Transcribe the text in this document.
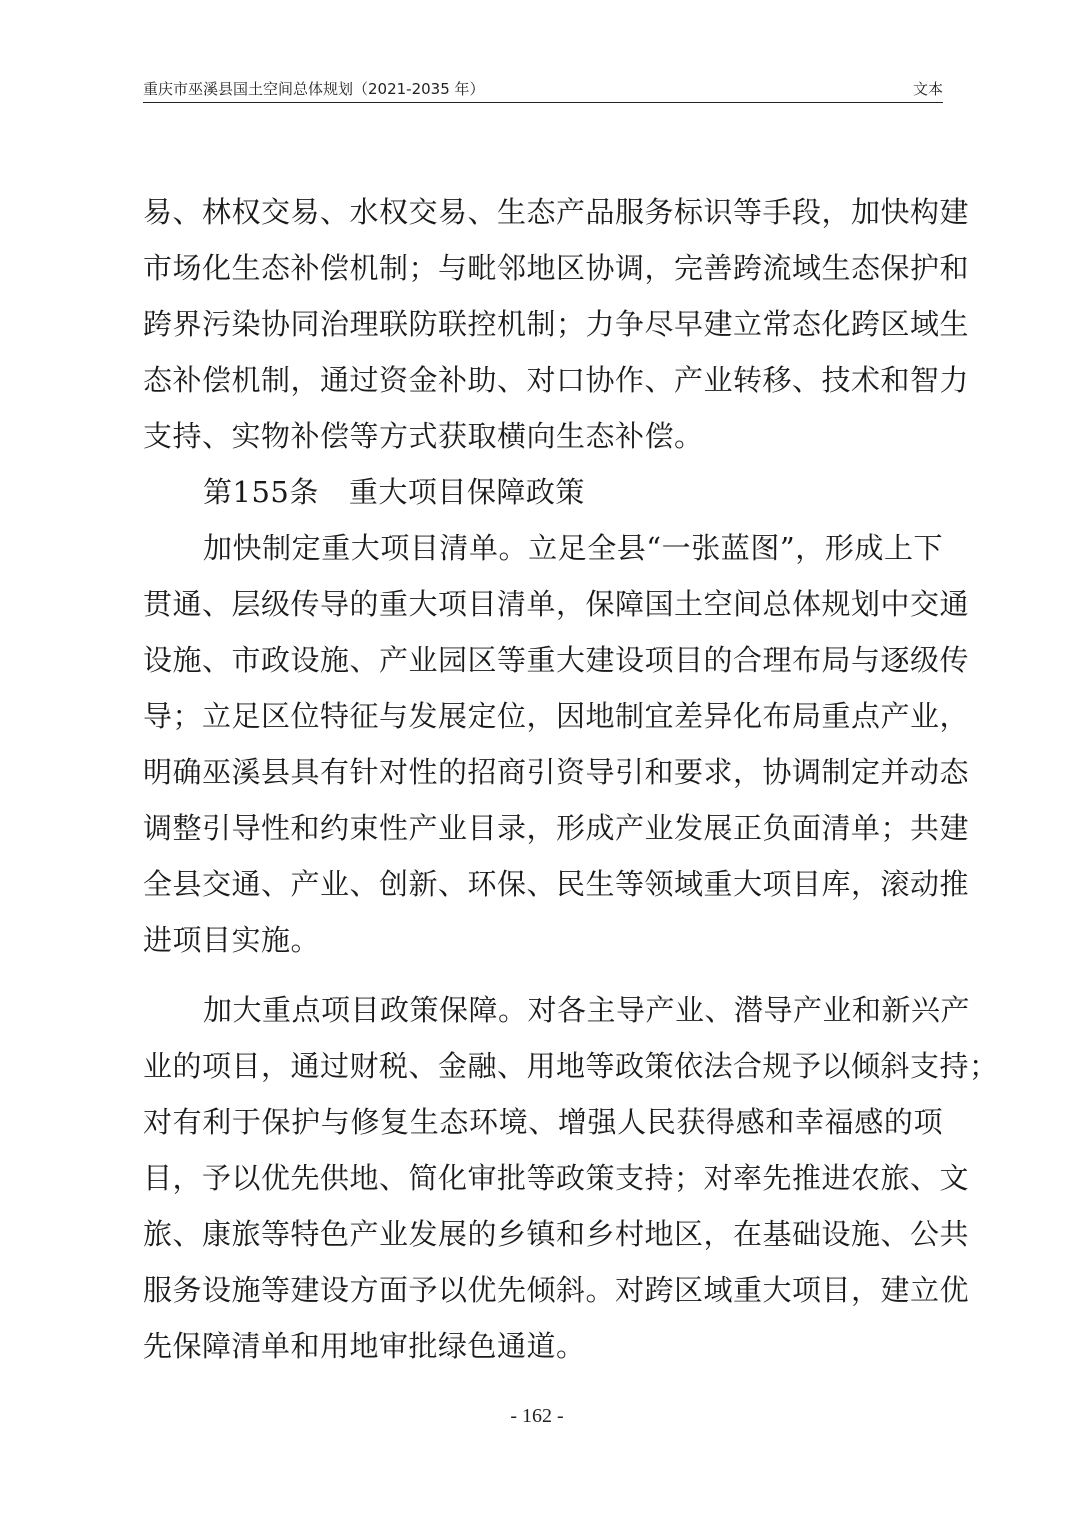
重庆市巫溪县国土空间总体规划（2021-2035 年）	文本
易、林权交易、水权交易、生态产品服务标识等手段，加快构建
市场化生态补偿机制；与毗邻地区协调，完善跨流域生态保护和
跨界污染协同治理联防联控机制；力争尽早建立常态化跨区域生
态补偿机制，通过资金补助、对口协作、产业转移、技术和智力
支持、实物补偿等方式获取横向生态补偿。
第155条 重大项目保障政策
加快制定重大项目清单。立足全县“一张蓝图”，形成上下
贯通、层级传导的重大项目清单，保障国土空间总体规划中交通
设施、市政设施、产业园区等重大建设项目的合理布局与逐级传
导；立足区位特征与发展定位，因地制宜差异化布局重点产业，
明确巫溪县具有针对性的招商引资导引和要求，协调制定并动态
调整引导性和约束性产业目录，形成产业发展正负面清单；共建
全县交通、产业、创新、环保、民生等领域重大项目库，滚动推
进项目实施。
加大重点项目政策保障。对各主导产业、潜导产业和新兴产
业的项目，通过财税、金融、用地等政策依法合规予以倾斜支持；
对有利于保护与修复生态环境、增强人民获得感和幸福感的项
目，予以优先供地、简化审批等政策支持；对率先推进农旅、文
旅、康旅等特色产业发展的乡镇和乡村地区，在基础设施、公共
服务设施等建设方面予以优先倾斜。对跨区域重大项目，建立优
先保障清单和用地审批绿色通道。
- 162 -
